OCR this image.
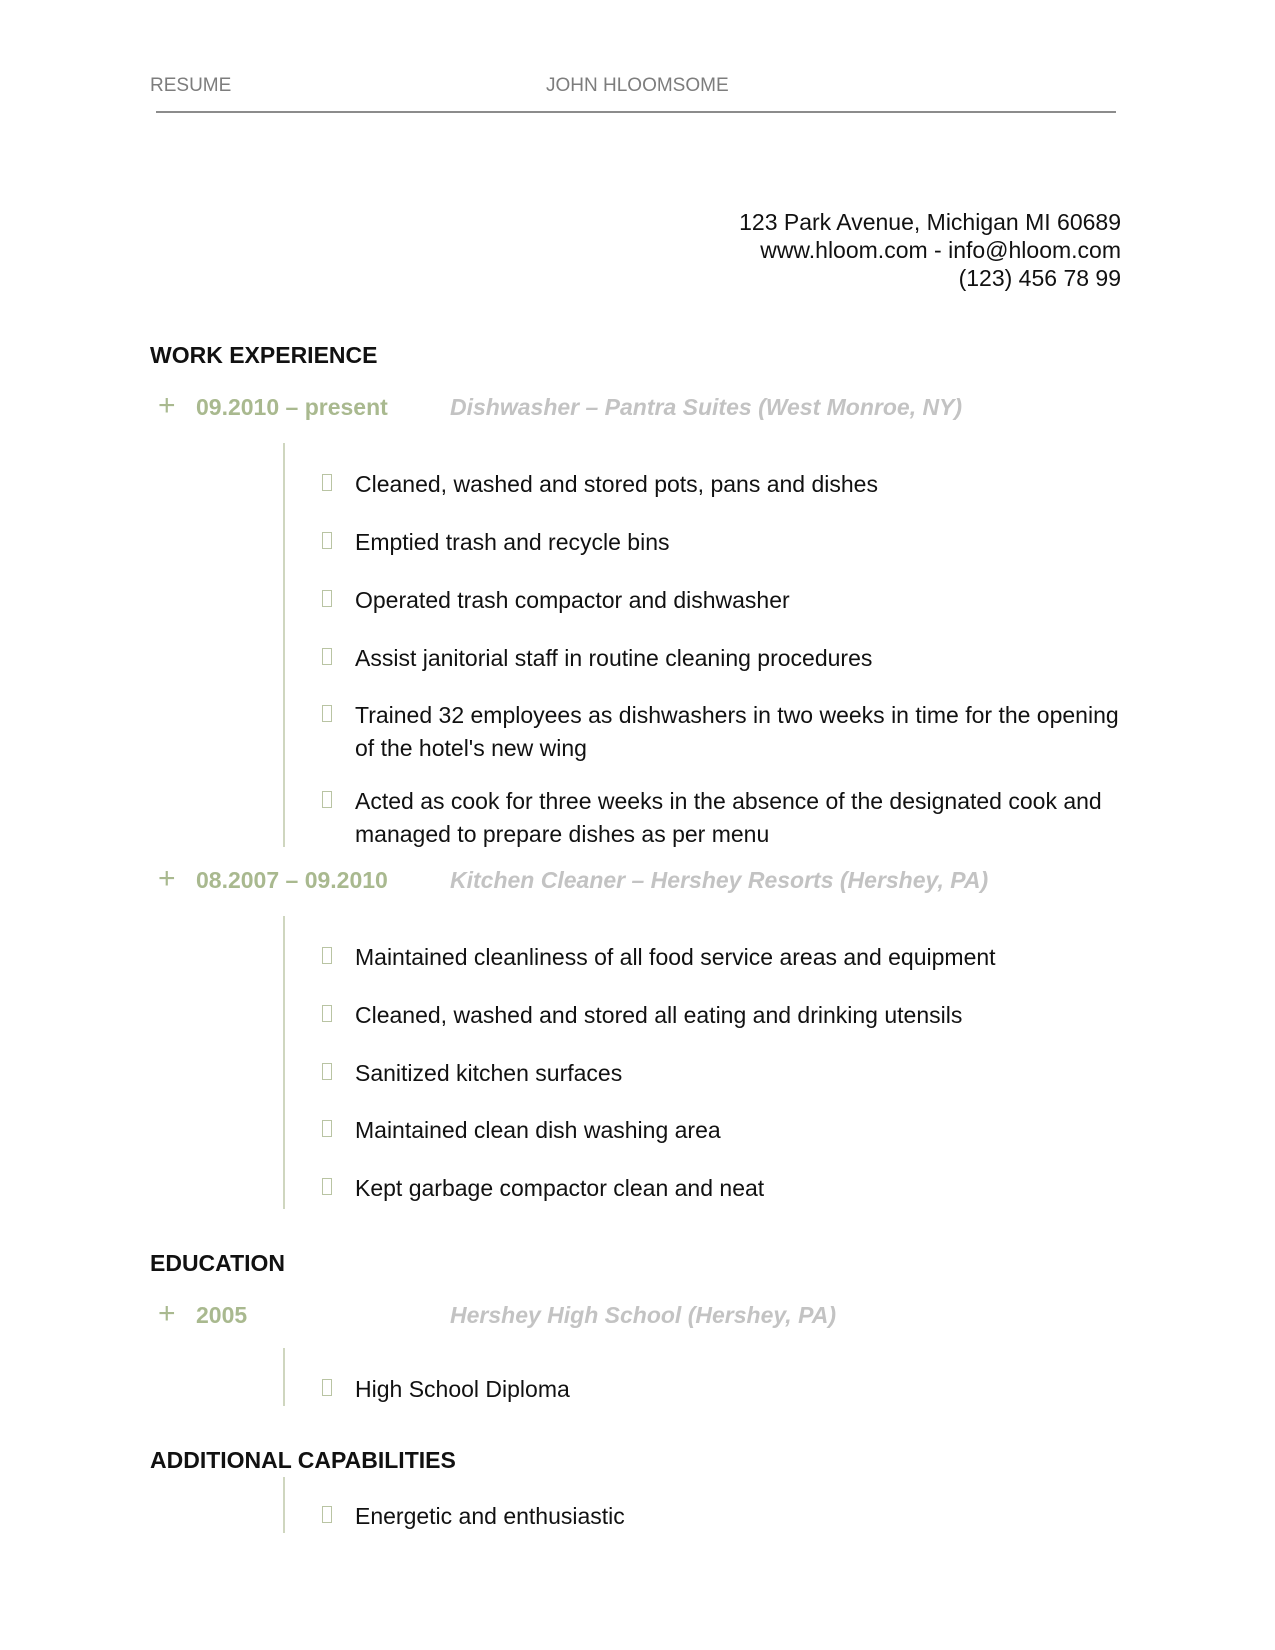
RESUME	JOHN HLOOMSOME
123 Park Avenue, Michigan MI 60689
www.hloom.com - info@hloom.com
(123) 456 78 99
WORK EXPERIENCE
+ 09.2010 – present	Dishwasher – Pantra Suites (West Monroe, NY)
Cleaned, washed and stored pots, pans and dishes
Emptied trash and recycle bins
Operated trash compactor and dishwasher
Assist janitorial staff in routine cleaning procedures
Trained 32 employees as dishwashers in two weeks in time for the opening of the hotel's new wing
Acted as cook for three weeks in the absence of the designated cook and managed to prepare dishes as per menu
+ 08.2007 – 09.2010	Kitchen Cleaner – Hershey Resorts (Hershey, PA)
Maintained cleanliness of all food service areas and equipment
Cleaned, washed and stored all eating and drinking utensils
Sanitized kitchen surfaces
Maintained clean dish washing area
Kept garbage compactor clean and neat
EDUCATION
+ 2005	Hershey High School (Hershey, PA)
High School Diploma
ADDITIONAL CAPABILITIES
Energetic and enthusiastic
